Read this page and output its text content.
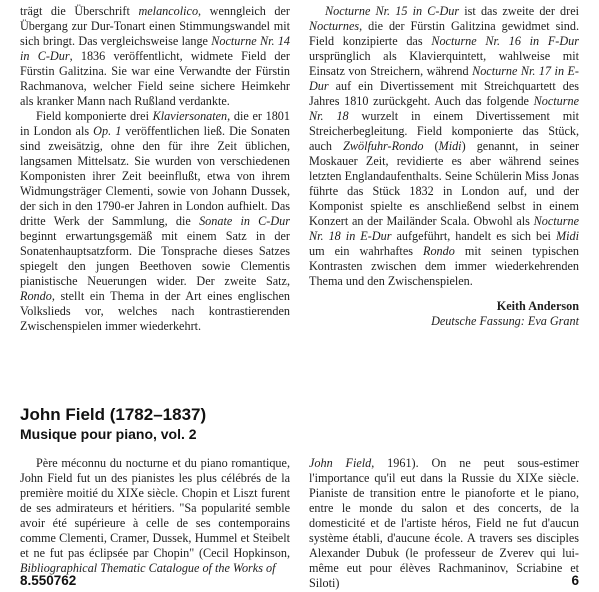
trägt die Überschrift melancolico, wenngleich der Übergang zur Dur-Tonart einen Stimmungswandel mit sich bringt. Das vergleichsweise lange Nocturne Nr. 14 in C-Dur, 1836 veröffentlicht, widmete Field der Fürstin Galitzina. Sie war eine Verwandte der Fürstin Rachmanova, welcher Field seine sichere Heimkehr als kranker Mann nach Rußland verdankte.

Field komponierte drei Klaviersonaten, die er 1801 in London als Op. 1 veröffentlichen ließ. Die Sonaten sind zweisätzig, ohne den für ihre Zeit üblichen, langsamen Mittelsatz. Sie wurden von verschiedenen Komponisten ihrer Zeit beeinflußt, etwa von ihrem Widmungsträger Clementi, sowie von Johann Dussek, der sich in den 1790-er Jahren in London aufhielt. Das dritte Werk der Sammlung, die Sonate in C-Dur beginnt erwartungsgemäß mit einem Satz in der Sonatenhauptsatzform. Die Tonsprache dieses Satzes spiegelt den jungen Beethoven sowie Clementis pianistische Neuerungen wider. Der zweite Satz, Rondo, stellt ein Thema in der Art eines englischen Volkslieds vor, welches nach kontrastierenden Zwischenspielen immer wiederkehrt.

Nocturne Nr. 15 in C-Dur ist das zweite der drei Nocturnes, die der Fürstin Galitzina gewidmet sind. Field konzipierte das Nocturne Nr. 16 in F-Dur ursprünglich als Klavierquintett, wahlweise mit Einsatz von Streichern, während Nocturne Nr. 17 in E-Dur auf ein Divertissement mit Streichquartett des Jahres 1810 zurückgeht. Auch das folgende Nocturne Nr. 18 wurzelt in einem Divertissement mit Streicherbegleitung. Field komponierte das Stück, auch Zwölfuhr-Rondo (Midi) genannt, in seiner Moskauer Zeit, revidierte es aber während seines letzten Englandaufenthalts. Seine Schülerin Miss Jonas führte das Stück 1832 in London auf, und der Komponist spielte es anschließend selbst in einem Konzert an der Mailänder Scala. Obwohl als Nocturne Nr. 18 in E-Dur aufgeführt, handelt es sich bei Midi um ein wahrhaftes Rondo mit seinen typischen Kontrasten zwischen dem immer wiederkehrenden Thema und den Zwischenspielen.

Keith Anderson
Deutsche Fassung: Eva Grant
John Field (1782–1837)
Musique pour piano, vol. 2

Père méconnu du nocturne et du piano romantique, John Field fut un des pianistes les plus célébrés de la première moitié du XIXe siècle. Chopin et Liszt furent de ses admirateurs et héritiers. "Sa popularité semble avoir été supérieure à celle de ses contemporains comme Clementi, Cramer, Dussek, Hummel et Steibelt et ne fut pas éclipsée par Chopin" (Cecil Hopkinson, Bibliographical Thematic Catalogue of the Works of

John Field, 1961). On ne peut sous-estimer l'importance qu'il eut dans la Russie du XIXe siècle. Pianiste de transition entre le pianoforte et le piano, entre le monde du salon et des concerts, de la domesticité et de l'artiste héros, Field ne fut d'aucun système établi, d'aucune école. A travers ses disciples Alexander Dubuk (le professeur de Zverev qui lui-même eut pour élèves Rachmaninov, Scriabine et Siloti)

8.550762	6
